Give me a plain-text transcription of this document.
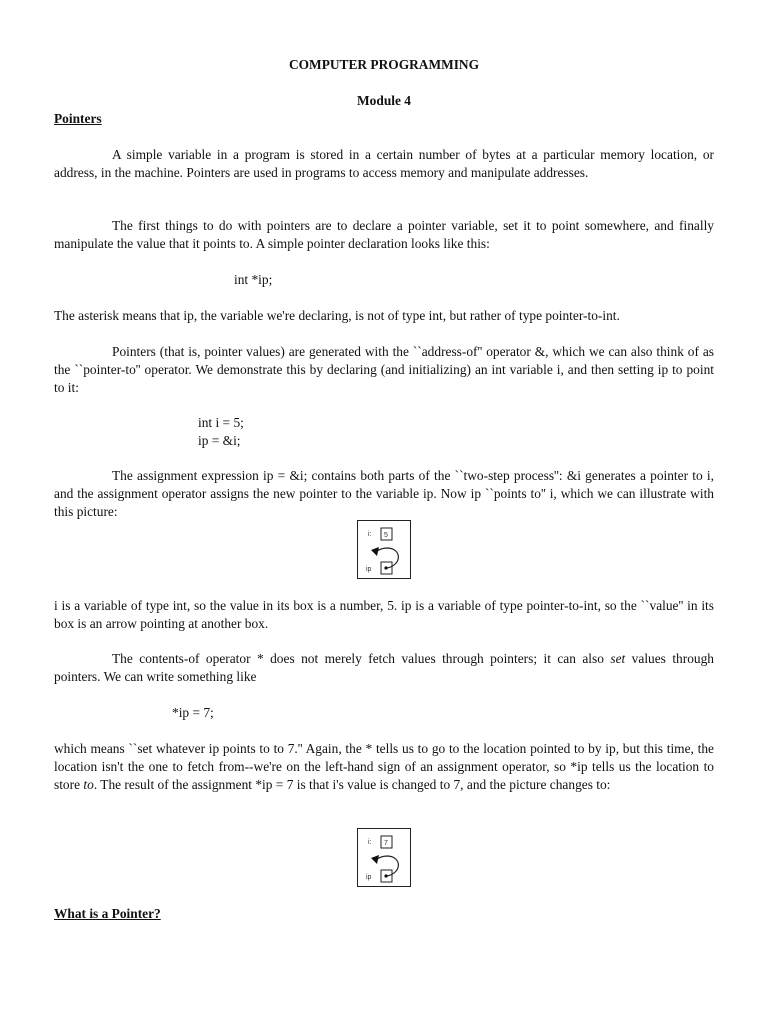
COMPUTER PROGRAMMING
Module 4
Pointers
A simple variable in a program is stored in a certain number of bytes at a particular memory location, or address, in the machine. Pointers are used in programs to access memory and manipulate addresses.
The first things to do with pointers are to declare a pointer variable, set it to point somewhere, and finally manipulate the value that it points to. A simple pointer declaration looks like this:
int *ip;
The asterisk means that ip, the variable we're declaring, is not of type int, but rather of type pointer-to-int.
Pointers (that is, pointer values) are generated with the ``address-of'' operator &, which we can also think of as the ``pointer-to'' operator. We demonstrate this by declaring (and initializing) an int variable i, and then setting ip to point to it:
int i = 5;
ip = &i;
The assignment expression ip = &i; contains both parts of the ``two-step process'': &i generates a pointer to i, and the assignment operator assigns the new pointer to the variable ip. Now ip ``points to'' i, which we can illustrate with this picture:
i: 5
ip
i is a variable of type int, so the value in its box is a number, 5. ip is a variable of type pointer-to-int, so the ``value'' in its box is an arrow pointing at another box.
The contents-of operator * does not merely fetch values through pointers; it can also set values through pointers. We can write something like
*ip = 7;
which means ``set whatever ip points to to 7.'' Again, the * tells us to go to the location pointed to by ip, but this time, the location isn't the one to fetch from--we're on the left-hand sign of an assignment operator, so *ip tells us the location to store to. The result of the assignment *ip = 7 is that i's value is changed to 7, and the picture changes to:
i: 7
ip
What is a Pointer?
